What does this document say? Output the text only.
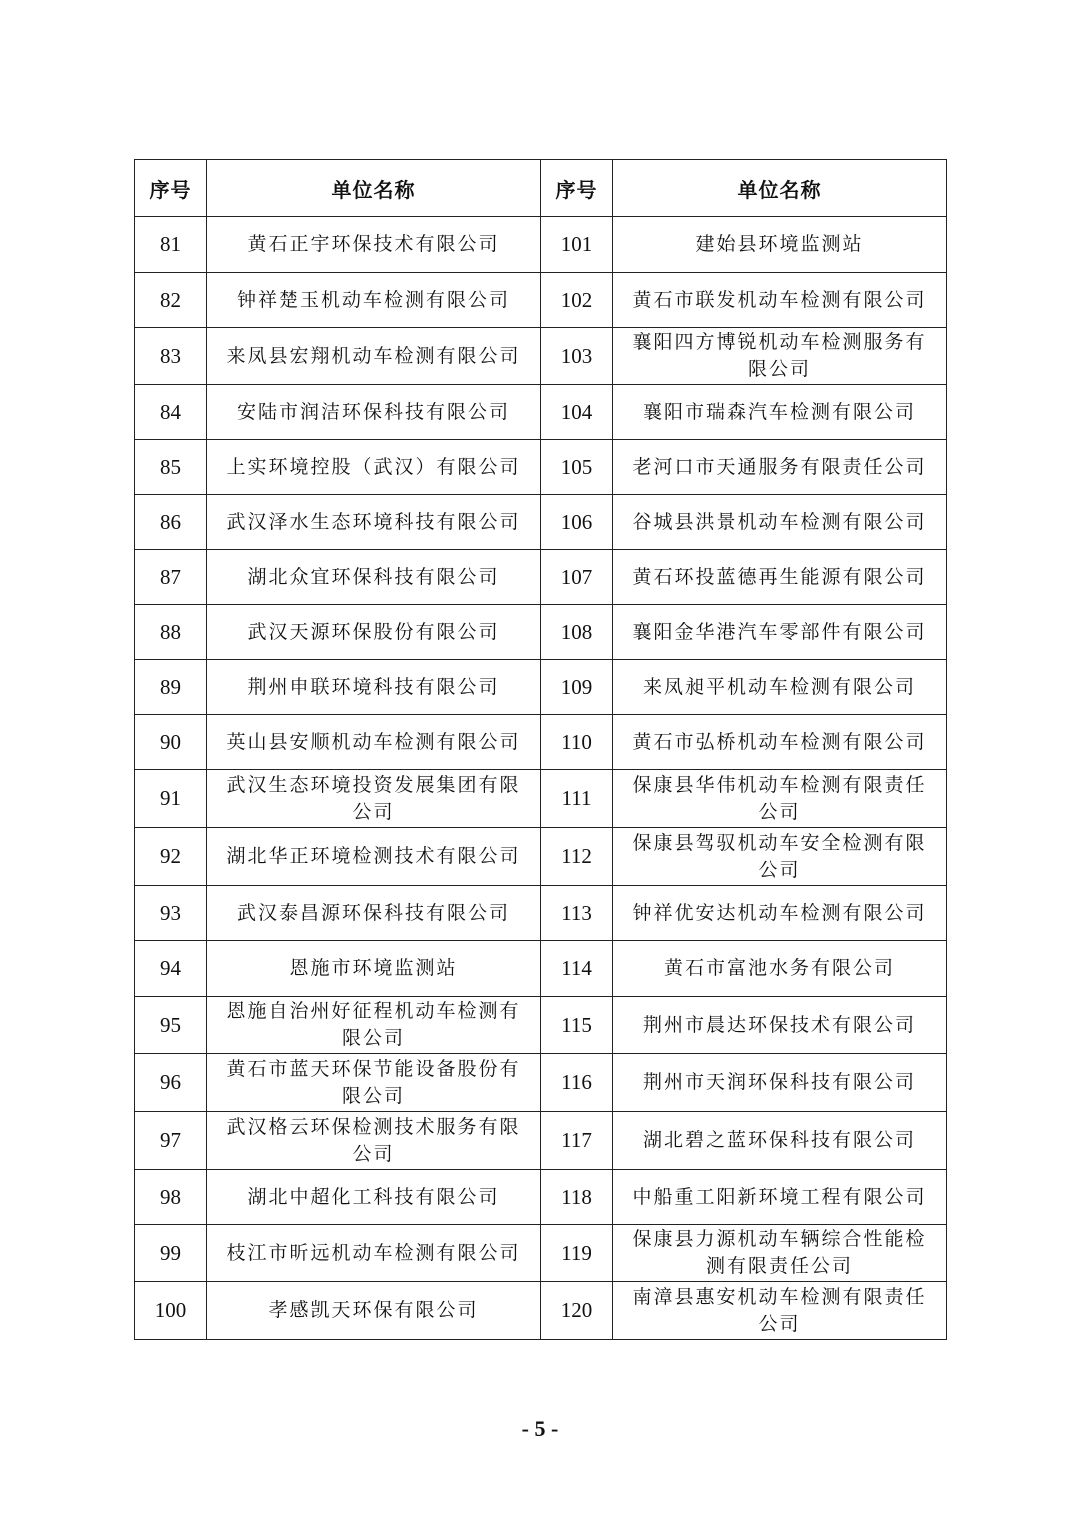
序号	单位名称	序号	单位名称
81	黄石正宇环保技术有限公司	101	建始县环境监测站
82	钟祥楚玉机动车检测有限公司	102	黄石市联发机动车检测有限公司
83	来凤县宏翔机动车检测有限公司	103	襄阳四方博锐机动车检测服务有限公司
84	安陆市润洁环保科技有限公司	104	襄阳市瑞森汽车检测有限公司
85	上实环境控股（武汉）有限公司	105	老河口市天通服务有限责任公司
86	武汉泽水生态环境科技有限公司	106	谷城县洪景机动车检测有限公司
87	湖北众宜环保科技有限公司	107	黄石环投蓝德再生能源有限公司
88	武汉天源环保股份有限公司	108	襄阳金华港汽车零部件有限公司
89	荆州申联环境科技有限公司	109	来凤昶平机动车检测有限公司
90	英山县安顺机动车检测有限公司	110	黄石市弘桥机动车检测有限公司
91	武汉生态环境投资发展集团有限公司	111	保康县华伟机动车检测有限责任公司
92	湖北华正环境检测技术有限公司	112	保康县驾驭机动车安全检测有限公司
93	武汉泰昌源环保科技有限公司	113	钟祥优安达机动车检测有限公司
94	恩施市环境监测站	114	黄石市富池水务有限公司
95	恩施自治州好征程机动车检测有限公司	115	荆州市晨达环保技术有限公司
96	黄石市蓝天环保节能设备股份有限公司	116	荆州市天润环保科技有限公司
97	武汉格云环保检测技术服务有限公司	117	湖北碧之蓝环保科技有限公司
98	湖北中超化工科技有限公司	118	中船重工阳新环境工程有限公司
99	枝江市昕远机动车检测有限公司	119	保康县力源机动车辆综合性能检测有限责任公司
100	孝感凯天环保有限公司	120	南漳县惠安机动车检测有限责任公司
- 5 -
